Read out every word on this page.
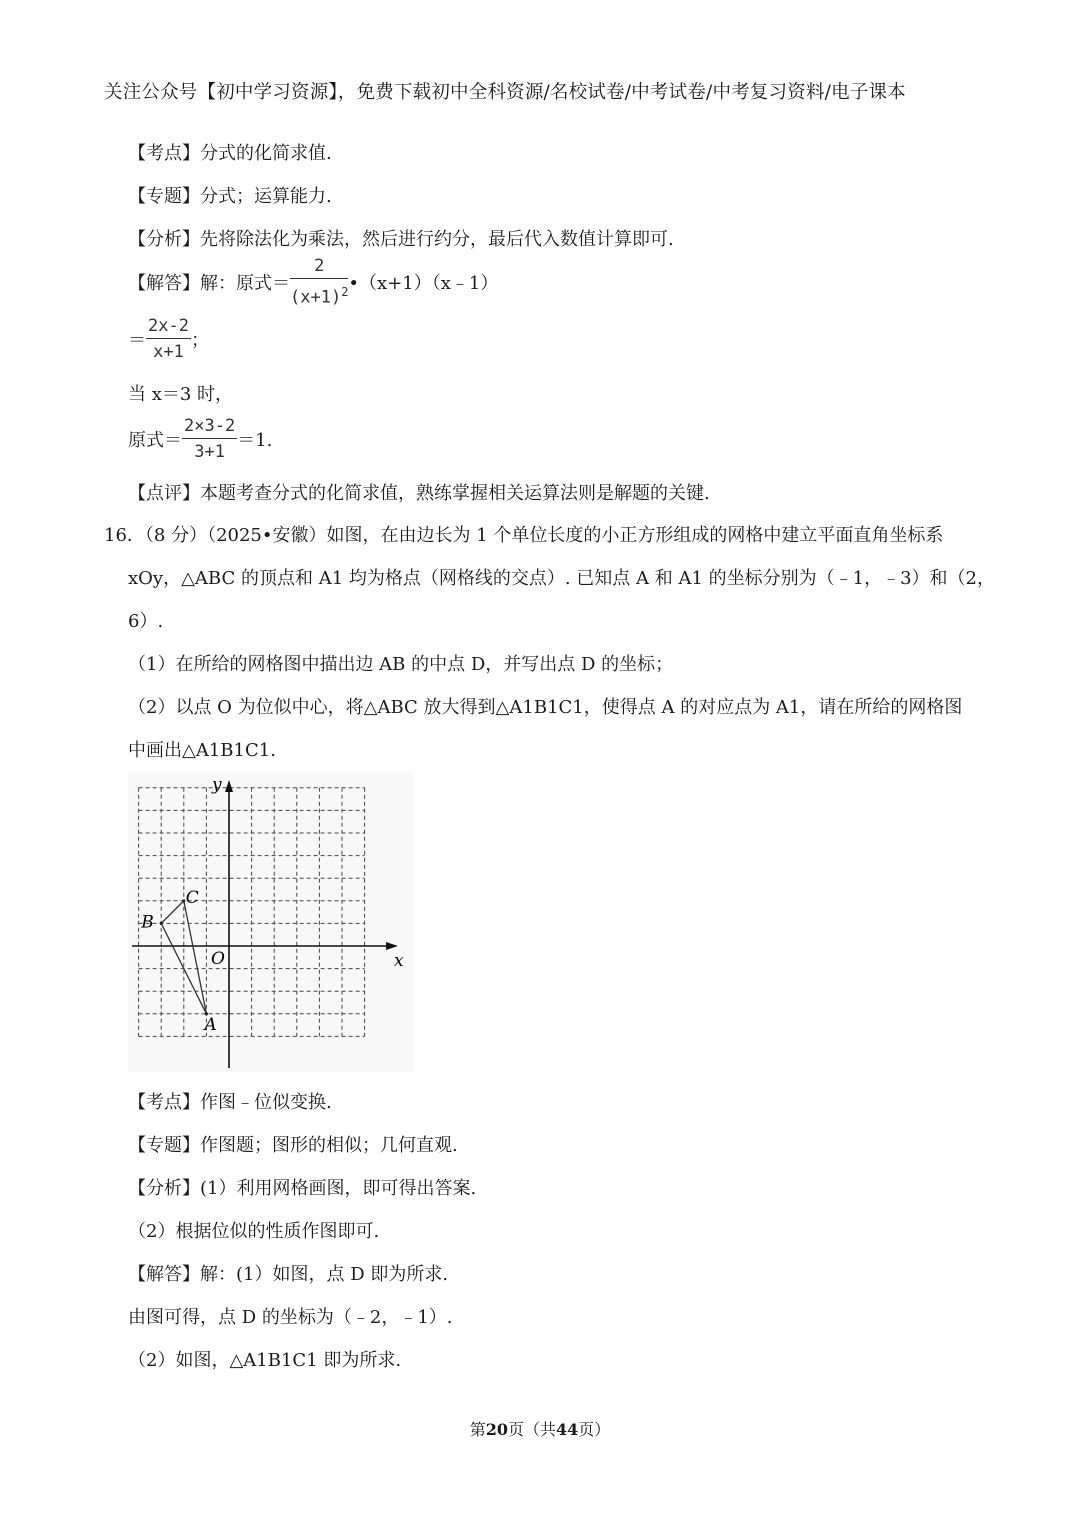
关注公众号【初中学习资源】，免费下载初中全科资源/名校试卷/中考试卷/中考复习资料/电子课本
【考点】分式的化简求值.
【专题】分式；运算能力.
【分析】先将除法化为乘法，然后进行约分，最后代入数值计算即可.
【解答】解：原式＝ $\frac{2}{(x+1)^2}$ •（x+1）（x﹣1）
＝ $\frac{2x-2}{x+1}$ ；
当 x＝3 时，
原式＝ $\frac{2\times 3-2}{3+1} =1$.
【点评】本题考查分式的化简求值，熟练掌握相关运算法则是解题的关键.
16．（8 分）（2025•安徽）如图，在由边长为 1 个单位长度的小正方形组成的网格中建立平面直角坐标系
xOy，△ABC 的顶点和 A1 均为格点（网格线的交点）. 已知点 A 和 A1 的坐标分别为（﹣1，﹣3）和（2，
6）.
（1）在所给的网格图中描出边 AB 的中点 D，并写出点 D 的坐标；
（2）以点 O 为位似中心，将△ABC 放大得到△A1B1C1，使得点 A 的对应点为 A1，请在所给的网格图
中画出△A1B1C1.
x
y
O
A
B
C
【考点】作图﹣位似变换.
【专题】作图题；图形的相似；几何直观.
【分析】(1）利用网格画图，即可得出答案.
（2）根据位似的性质作图即可.
【解答】解：(1）如图，点 D 即为所求.
由图可得，点 D 的坐标为（﹣2，﹣1）.
（2）如图，△A1B1C1 即为所求.
第20页（共44页）
